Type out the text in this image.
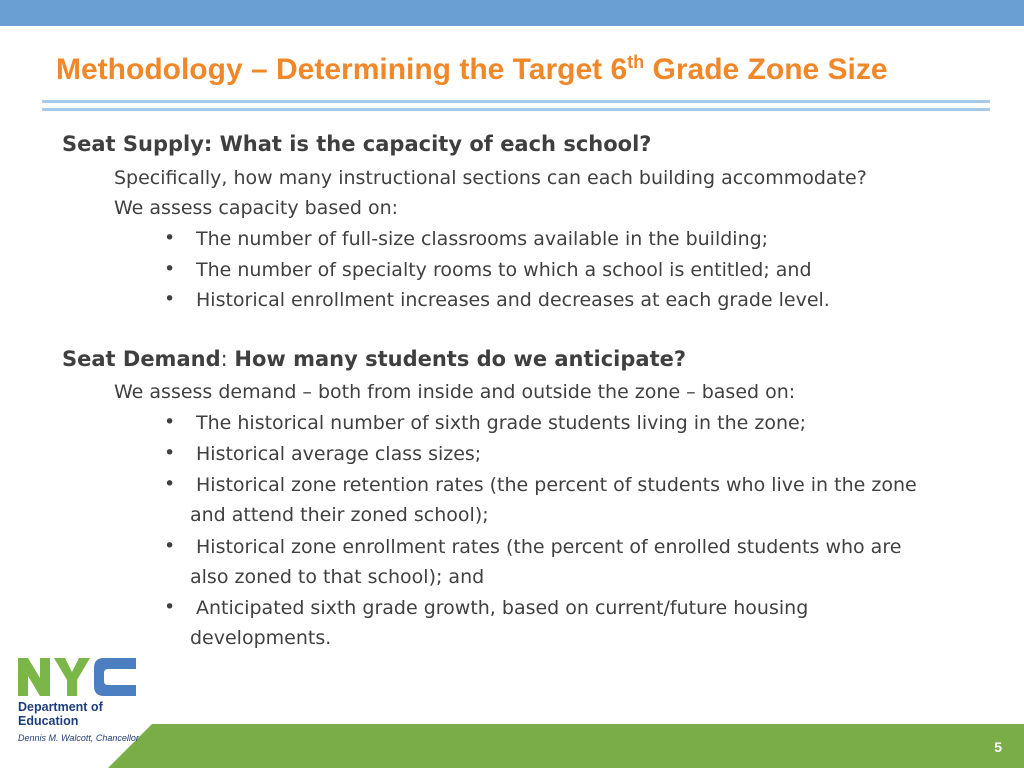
Methodology – Determining the Target 6th Grade Zone Size
Seat Supply: What is the capacity of each school?
Specifically, how many instructional sections can each building accommodate?
We assess capacity based on:
• The number of full-size classrooms available in the building;
• The number of specialty rooms to which a school is entitled; and
• Historical enrollment increases and decreases at each grade level.
Seat Demand: How many students do we anticipate?
We assess demand – both from inside and outside the zone – based on:
• The historical number of sixth grade students living in the zone;
• Historical average class sizes;
• Historical zone retention rates (the percent of students who live in the zone
and attend their zoned school);
• Historical zone enrollment rates (the percent of enrolled students who are
also zoned to that school); and
• Anticipated sixth grade growth, based on current/future housing
developments.
5
Department of
Education
Dennis M. Walcott, Chancellor
